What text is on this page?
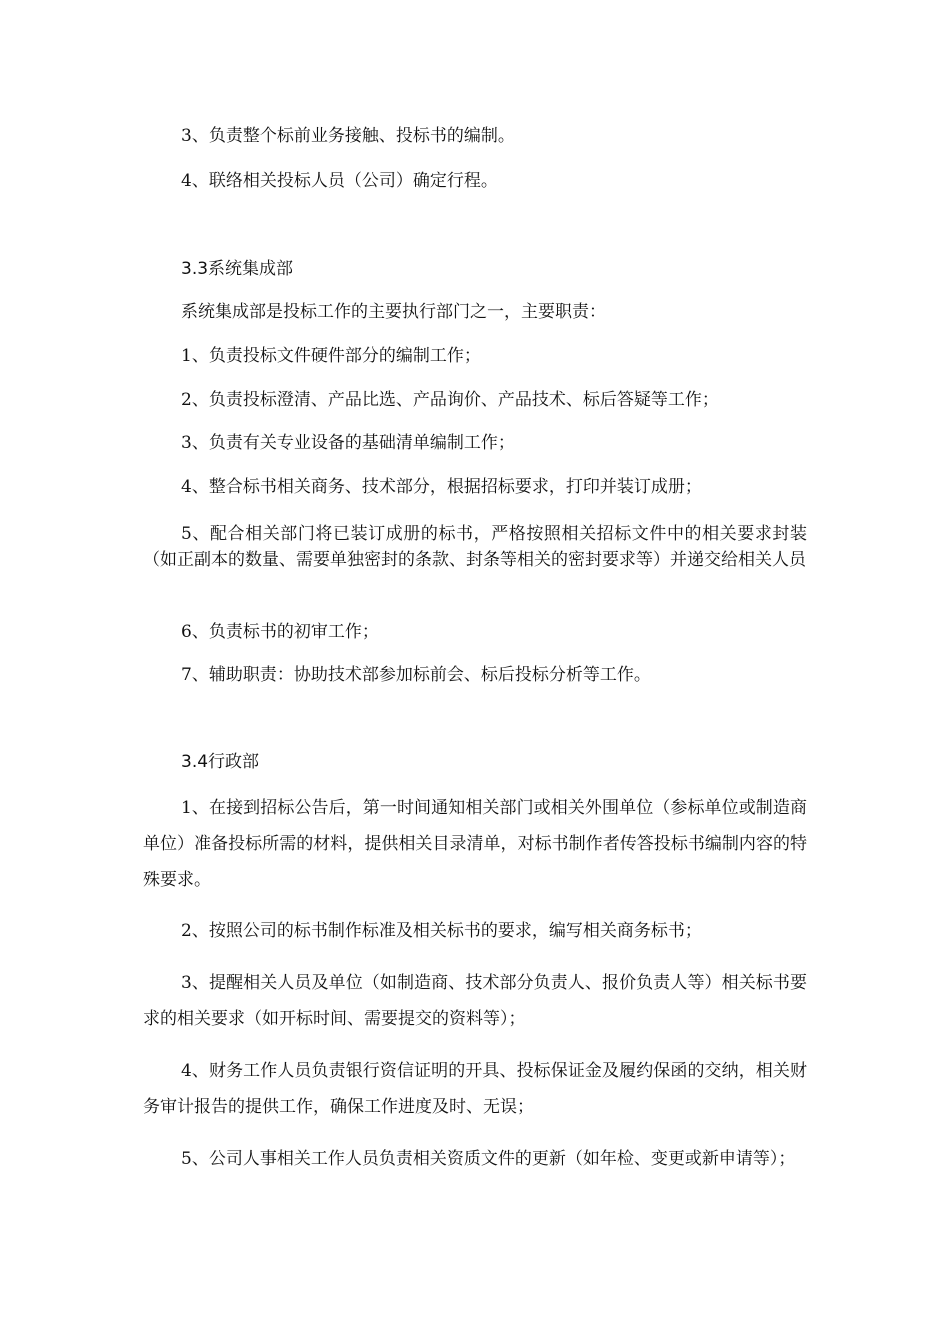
3、负责整个标前业务接触、投标书的编制。

4、联络相关投标人员（公司）确定行程。

3.3系统集成部

系统集成部是投标工作的主要执行部门之一，主要职责：

1、负责投标文件硬件部分的编制工作；

2、负责投标澄清、产品比选、产品询价、产品技术、标后答疑等工作；

3、负责有关专业设备的基础清单编制工作；

4、整合标书相关商务、技术部分，根据招标要求，打印并装订成册；

5、配合相关部门将已装订成册的标书，严格按照相关招标文件中的相关要求封装（如正副本的数量、需要单独密封的条款、封条等相关的密封要求等）并递交给相关人员

6、负责标书的初审工作；

7、辅助职责：协助技术部参加标前会、标后投标分析等工作。

3.4行政部

1、在接到招标公告后，第一时间通知相关部门或相关外围单位（参标单位或制造商单位）准备投标所需的材料，提供相关目录清单，对标书制作者传答投标书编制内容的特殊要求。

2、按照公司的标书制作标准及相关标书的要求，编写相关商务标书；

3、提醒相关人员及单位（如制造商、技术部分负责人、报价负责人等）相关标书要求的相关要求（如开标时间、需要提交的资料等）；

4、财务工作人员负责银行资信证明的开具、投标保证金及履约保函的交纳，相关财务审计报告的提供工作，确保工作进度及时、无误；

5、公司人事相关工作人员负责相关资质文件的更新（如年检、变更或新申请等）；
